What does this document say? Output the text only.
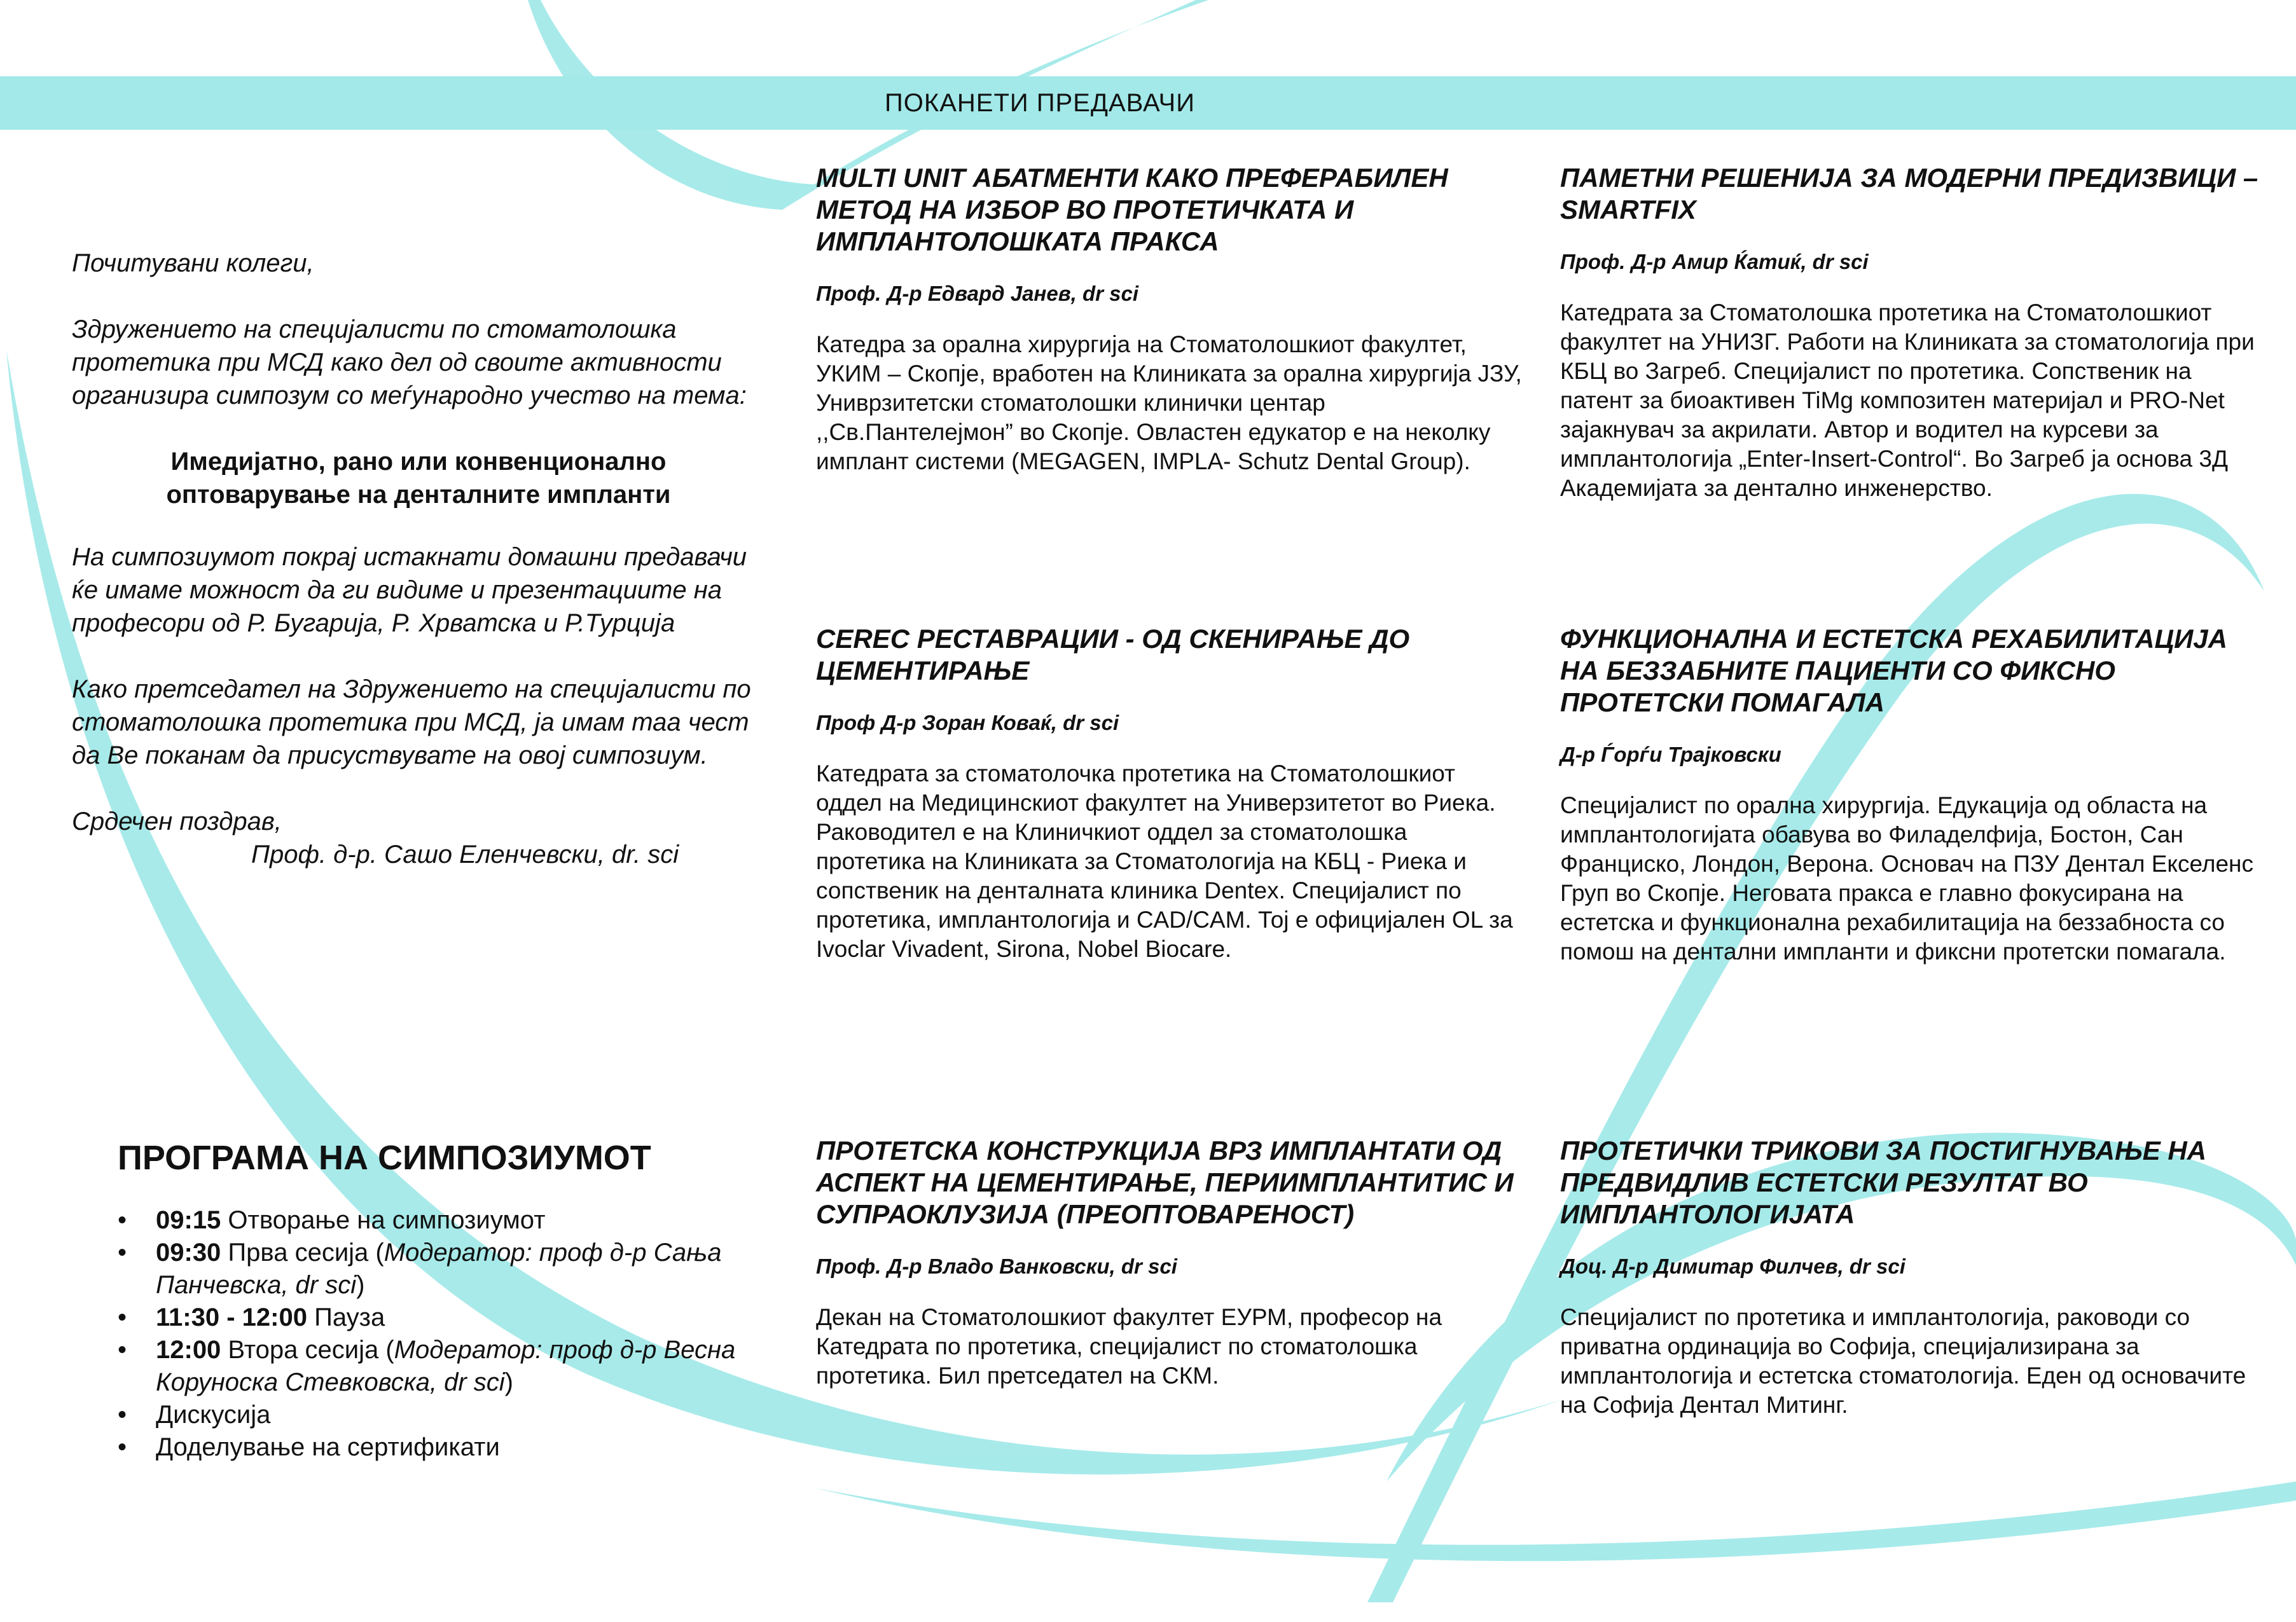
ПОКАНЕТИ ПРЕДАВАЧИ

Почитувани колеги,

Здружението на специјалисти по стоматолошка протетика при МСД како дел од своите активности организира симпозум со меѓународно учество на тема:

Имедијатно, рано или конвенционално
оптоварување на денталните импланти

На симпозиумот покрај истакнати домашни предавачи ќе имаме можност да ги видиме и презентациите на професори од Р. Бугарија, Р. Хрватска и Р.Турција

Како претседател на Здружението на специјалисти по стоматолошка протетика при МСД, ја имам таа чест да Ве поканам да присуствувате на овој симпозиум.

Срдечен поздрав,
Проф. д-р. Сашо Еленчевски, dr. sci

ПРОГРАМА НА СИМПОЗИУМОТ
• 09:15 Отворање на симпозиумот
• 09:30 Прва сесија (Модератор: проф д-р Сања Панчевска, dr sci)
• 11:30 - 12:00 Пауза
• 12:00 Втора сесија (Модератор: проф д-р Весна Коруноска Стевковска, dr sci)
• Дискусија
• Доделување на сертификати
MULTI UNIT АБАТМЕНТИ КАКО ПРЕФЕРАБИЛЕН МЕТОД НА ИЗБОР ВО ПРОТЕТИЧКАТА И ИМПЛАНТОЛОШКАТА ПРАКСА
Проф. Д-р Едвард Јанев, dr sci

Катедра за орална хирургија на Стоматолошкиот факултет, УКИМ – Скопје, вработен на Клиниката за орална хирургија ЈЗУ, Униврзитетски стоматолошки клинички центар ,,Св.Пантелејмон” во Скопје. Овластен едукатор е на неколку имплант системи (MEGAGEN, IMPLA- Schutz Dental Group).

CEREC РЕСТАВРАЦИИ - ОД СКЕНИРАЊЕ ДО ЦЕМЕНТИРАЊЕ
Проф Д-р Зоран Ковaќ, dr sci

Катедрата за стоматолочка протетика на Стоматолошкиот оддел на Медицинскиот факултет на Универзитетот во Риека. Раководител е на Клиничкиот оддел за стоматолошка протетика на Клиниката за Стоматологија на КБЦ - Риека и сопственик на денталната клиника Dentex. Специјалист по протетика, имплантологија и CAD/CAM. Тој е официјален OL за Ivoclar Vivadent, Sirona, Nobel Biocare.

ПРОТЕТСКА КОНСТРУКЦИЈА ВРЗ ИМПЛАНТАТИ ОД АСПЕКТ НА ЦЕМЕНТИРАЊЕ, ПЕРИИМПЛАНТИТИС И СУПРАОКЛУЗИЈА (ПРЕОПТОВАРЕНОСТ)
Проф. Д-р Владо Ванковски, dr sci

Декан на Стоматолошкиот факултет ЕУРМ, професор на Катедрата по протетика, специјалист по стоматолошка протетика. Бил претседател на СКМ.

ПАМЕТНИ РЕШЕНИЈА ЗА МОДЕРНИ ПРЕДИЗВИЦИ – SMARTFIX
Проф. Д-р Амир Ќатиќ, dr sci

Катедрата за Стоматолошка протетика на Стоматолошкиот факултет на УНИЗГ. Работи на Клиниката за стоматологија при КБЦ во Загреб. Специјалист по протетика. Сопственик на патент за биоактивен TiMg композитен материјал и PRO-Net зајакнувач за акрилати. Автор и водител на курсеви за имплантологија „Enter-Insert-Control“. Во Загреб ја основа 3Д Академијата за дентално инженерство.

ФУНКЦИОНАЛНА И ЕСТЕТСКА РЕХАБИЛИТАЦИЈА НА БЕЗЗАБНИТЕ ПАЦИЕНТИ СО ФИКСНО ПРОТЕТСКИ ПОМАГАЛА
Д-р Ѓорѓи Трајковски

Специјалист по орална хирургија. Едукација од областа на имплантологијата обавува во Филаделфија, Бостон, Сан Франциско, Лондон, Верона. Основач на ПЗУ Дентал Екселенс Груп во Скопје. Неговата пракса е главно фокусирана на естетска и функционална рехабилитација на беззабноста со помош на дентални импланти и фиксни протетски помагала.

ПРОТЕТИЧКИ ТРИКОВИ ЗА ПОСТИГНУВАЊЕ НА ПРЕДВИДЛИВ ЕСТЕТСКИ РЕЗУЛТАТ ВО ИМПЛАНТОЛОГИЈАТА
Доц. Д-р Димитар Филчев, dr sci

Специјалист по протетика и имплантологија, раководи со приватна ординација во Софија, специјализирана за имплантологија и естетска стоматологија. Еден од основачите на Софија Дентал Митинг.
